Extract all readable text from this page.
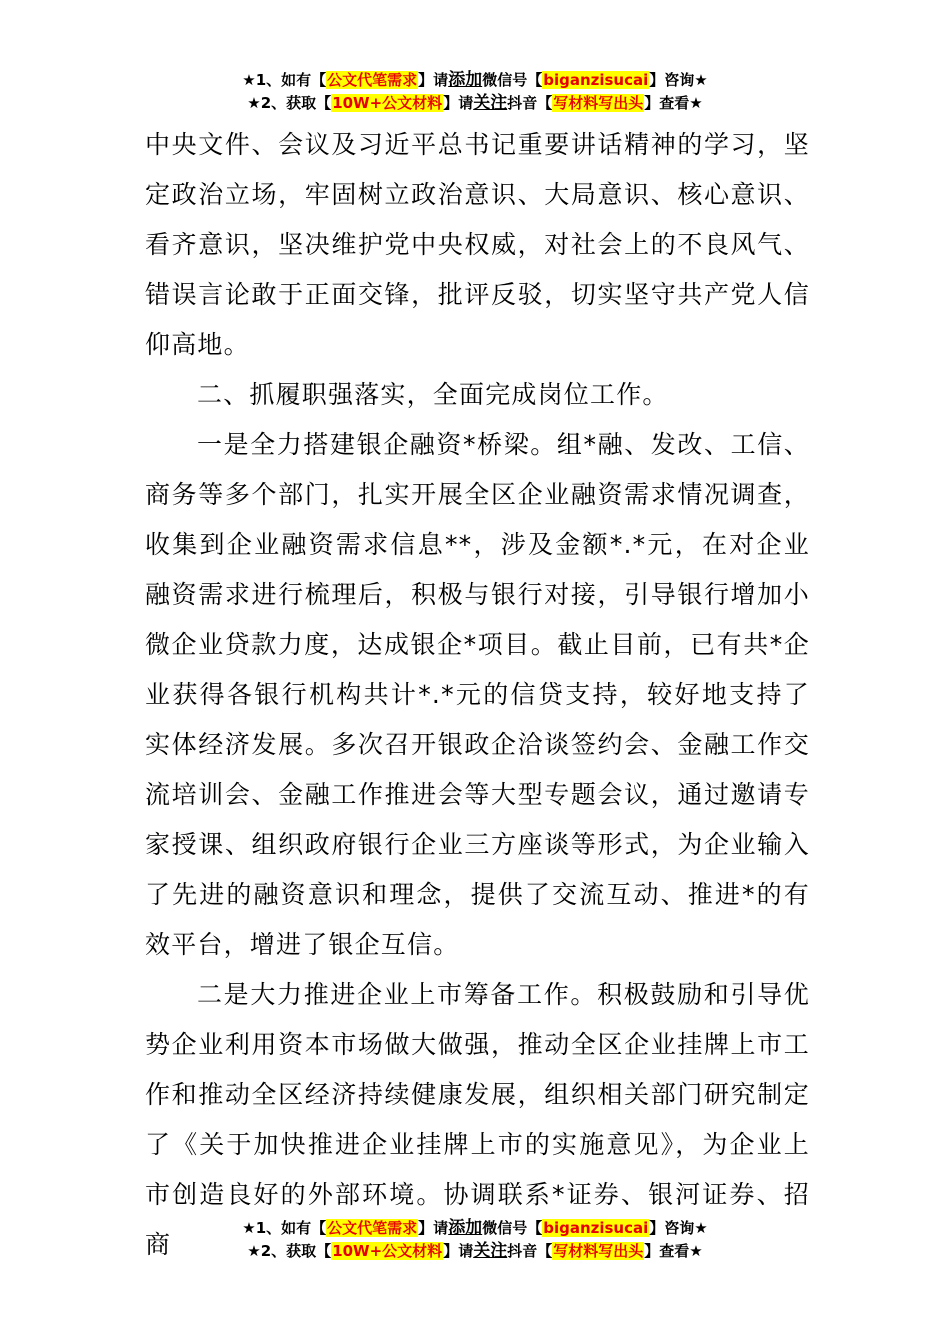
★1、如有【公文代笔需求】请添加微信号【biganzisucai】咨询★
★2、获取【10W+公文材料】请关注抖音【写材料写出头】查看★

中央文件、会议及习近平总书记重要讲话精神的学习，坚定政治立场，牢固树立政治意识、大局意识、核心意识、看齐意识，坚决维护党中央权威，对社会上的不良风气、错误言论敢于正面交锋，批评反驳，切实坚守共产党人信仰高地。

二、抓履职强落实，全面完成岗位工作。

一是全力搭建银企融资*桥梁。组*融、发改、工信、商务等多个部门，扎实开展全区企业融资需求情况调查，收集到企业融资需求信息**，涉及金额*.*元，在对企业融资需求进行梳理后，积极与银行对接，引导银行增加小微企业贷款力度，达成银企*项目。截止目前，已有共*企业获得各银行机构共计*.*元的信贷支持，较好地支持了实体经济发展。多次召开银政企洽谈签约会、金融工作交流培训会、金融工作推进会等大型专题会议，通过邀请专家授课、组织政府银行企业三方座谈等形式，为企业输入了先进的融资意识和理念，提供了交流互动、推进*的有效平台，增进了银企互信。

二是大力推进企业上市筹备工作。积极鼓励和引导优势企业利用资本市场做大做强，推动全区企业挂牌上市工作和推动全区经济持续健康发展，组织相关部门研究制定了《关于加快推进企业挂牌上市的实施意见》，为企业上市创造良好的外部环境。协调联系*证券、银河证券、招商

★1、如有【公文代笔需求】请添加微信号【biganzisucai】咨询★
★2、获取【10W+公文材料】请关注抖音【写材料写出头】查看★
